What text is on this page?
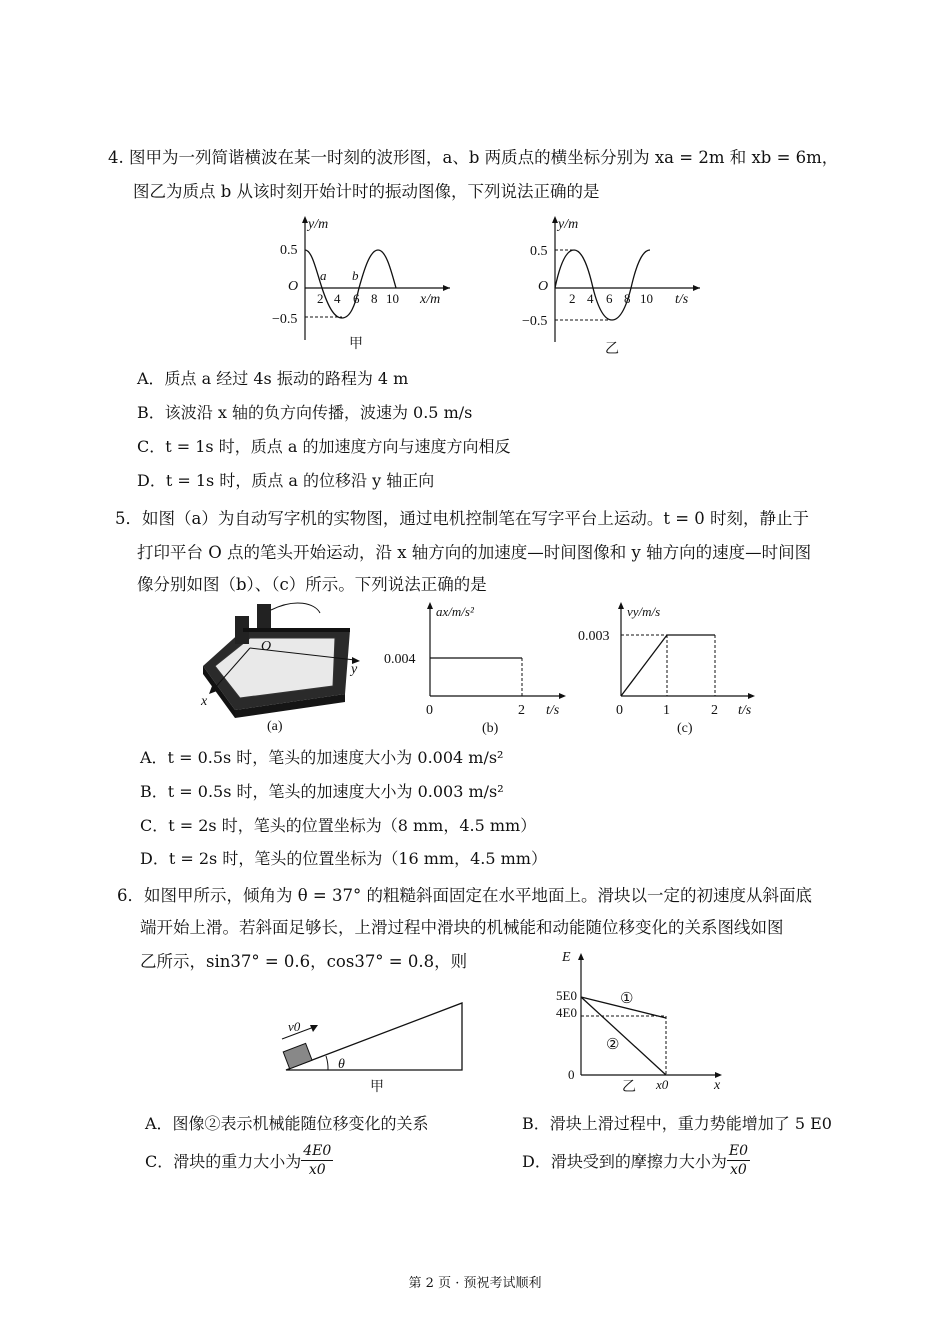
4. 图甲为一列简谐横波在某一时刻的波形图，a、b 两质点的横坐标分别为 xa = 2m 和 xb = 6m，
图乙为质点 b 从该时刻开始计时的振动图像，下列说法正确的是
y/m
0.5
−0.5
O
2 4 6 8 10
a b
x/m
甲
y/m
0.5
−0.5
O
2 4 6 8 10 t/s
乙
A．质点 a 经过 4s 振动的路程为 4 m
B．该波沿 x 轴的负方向传播，波速为 0.5 m/s
C．t = 1s 时，质点 a 的加速度方向与速度方向相反
D．t = 1s 时，质点 a 的位移沿 y 轴正向
5．如图（a）为自动写字机的实物图，通过电机控制笔在写字平台上运动。t = 0 时刻，静止于
打印平台 O 点的笔头开始运动，沿 x 轴方向的加速度—时间图像和 y 轴方向的速度—时间图
像分别如图（b）、（c）所示。下列说法正确的是
O
y
x
(a)
ax/m/s²
0.004
0	2 t/s
(b)
vy/m/s
0.003
0	1	2 t/s
(c)
A．t = 0.5s 时，笔头的加速度大小为 0.004 m/s²
B．t = 0.5s 时，笔头的加速度大小为 0.003 m/s²
C．t = 2s 时，笔头的位置坐标为（8 mm，4.5 mm）
D．t = 2s 时，笔头的位置坐标为（16 mm，4.5 mm）
6．如图甲所示，倾角为 θ = 37° 的粗糙斜面固定在水平地面上。滑块以一定的初速度从斜面底
端开始上滑。若斜面足够长，上滑过程中滑块的机械能和动能随位移变化的关系图线如图
乙所示，sin37° = 0.6，cos37° = 0.8，则
θ
v0
甲
E
5E0
4E0
①
②
0
x0	x
乙
A．图像②表示机械能随位移变化的关系	B．滑块上滑过程中，重力势能增加了 5 E0
C．滑块的重力大小为 $\frac{4E0}{x0}$	D．滑块受到的摩擦力大小为 $\frac{E0}{x0}$
第 2 页 · 预祝考试顺利
